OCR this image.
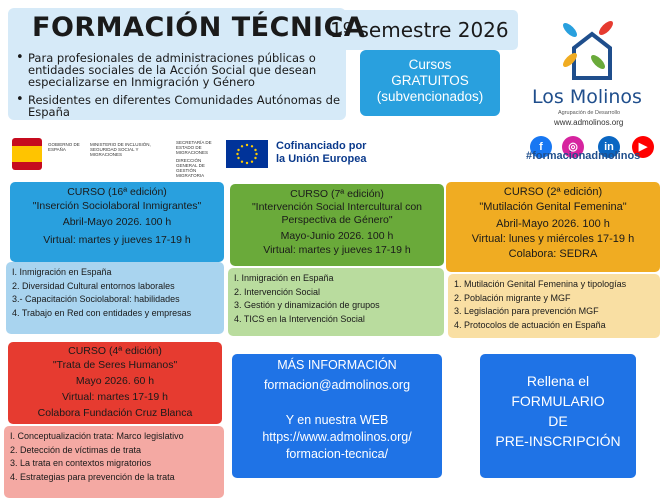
FORMACIÓN TÉCNICA
1º semestre 2026
• Para profesionales de administraciones públicas o entidades sociales de la Acción Social que desean especializarse en Inmigración y Género
• Residentes en diferentes Comunidades Autónomas de España
Cursos
GRATUITOS
(subvencionados)
GOBIERNO DE ESPAÑA
MINISTERIO DE INCLUSIÓN, SEGURIDAD SOCIAL Y MIGRACIONES
SECRETARÍA DE ESTADO DE MIGRACIONES
DIRECCIÓN GENERAL DE GESTIÓN MIGRATORIA
Cofinanciado por
la Unión Europea
Los Molinos
Agrupación de Desarrollo
www.admolinos.org
f	◎	in	▶
#formacionadmolinos
CURSO (16ª edición)
"Inserción Sociolaboral Inmigrantes"
Abril-Mayo 2026. 100 h
Virtual: martes y jueves 17-19 h
I. Inmigración en España
2. Diversidad Cultural entornos laborales
3.- Capacitación Sociolaboral: habilidades
4. Trabajo en Red con entidades y empresas
CURSO (7ª edición)
"Intervención Social Intercultural con Perspectiva de Género"
Mayo-Junio 2026. 100 h
Virtual: martes y jueves 17-19 h
I. Inmigración en España
2. Intervención Social
3. Gestión y dinamización de grupos
4. TICS en la Intervención Social
CURSO (2ª edición)
"Mutilación Genital Femenina"
Abril-Mayo 2026. 100 h
Virtual: lunes y miércoles 17-19 h
Colabora: SEDRA
1. Mutilación Genital Femenina y tipologías
2. Población migrante y MGF
3. Legislación para prevención MGF
4. Protocolos de actuación en España
CURSO (4ª edición)
"Trata de Seres Humanos"
Mayo 2026. 60 h
Virtual: martes 17-19 h
Colabora Fundación Cruz Blanca
I. Conceptualización trata: Marco legislativo
2. Detección de víctimas de trata
3. La trata en contextos migratorios
4. Estrategias para prevención de la trata
MÁS INFORMACIÓN
formacion@admolinos.org
Y en nuestra WEB
https://www.admolinos.org/
formacion-tecnica/
Rellena el
FORMULARIO
DE
PRE-INSCRIPCIÓN
